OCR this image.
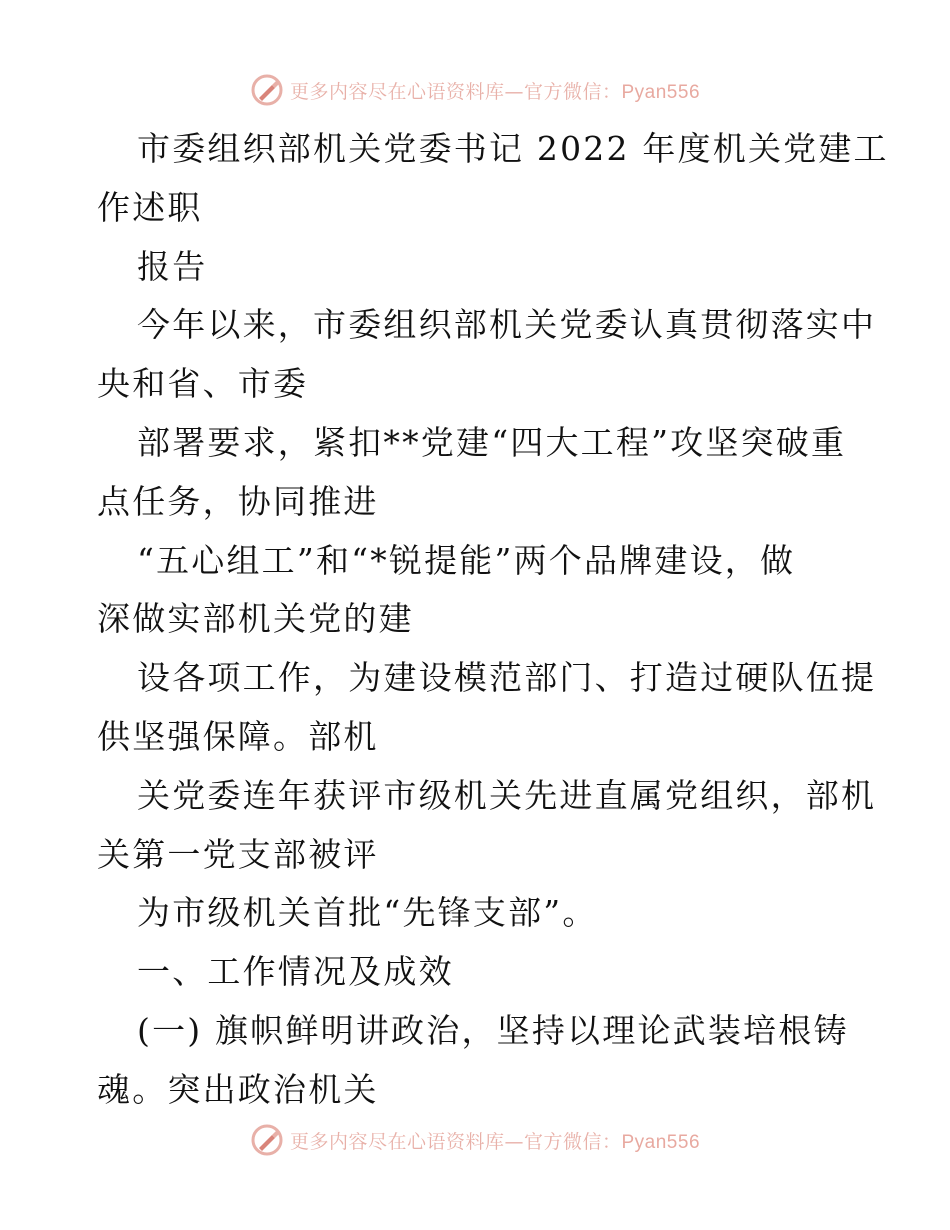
更多内容尽在心语资料库—官方微信：Pyan556
市委组织部机关党委书记 2022 年度机关党建工
作述职
报告
今年以来，市委组织部机关党委认真贯彻落实中
央和省、市委
部署要求，紧扣**党建“四大工程”攻坚突破重
点任务，协同推进
“五心组工”和“*锐提能”两个品牌建设，做
深做实部机关党的建
设各项工作，为建设模范部门、打造过硬队伍提
供坚强保障。部机
关党委连年获评市级机关先进直属党组织，部机
关第一党支部被评
为市级机关首批“先锋支部”。
一、工作情况及成效
(一) 旗帜鲜明讲政治，坚持以理论武装培根铸
魂。突出政治机关
更多内容尽在心语资料库—官方微信：Pyan556
